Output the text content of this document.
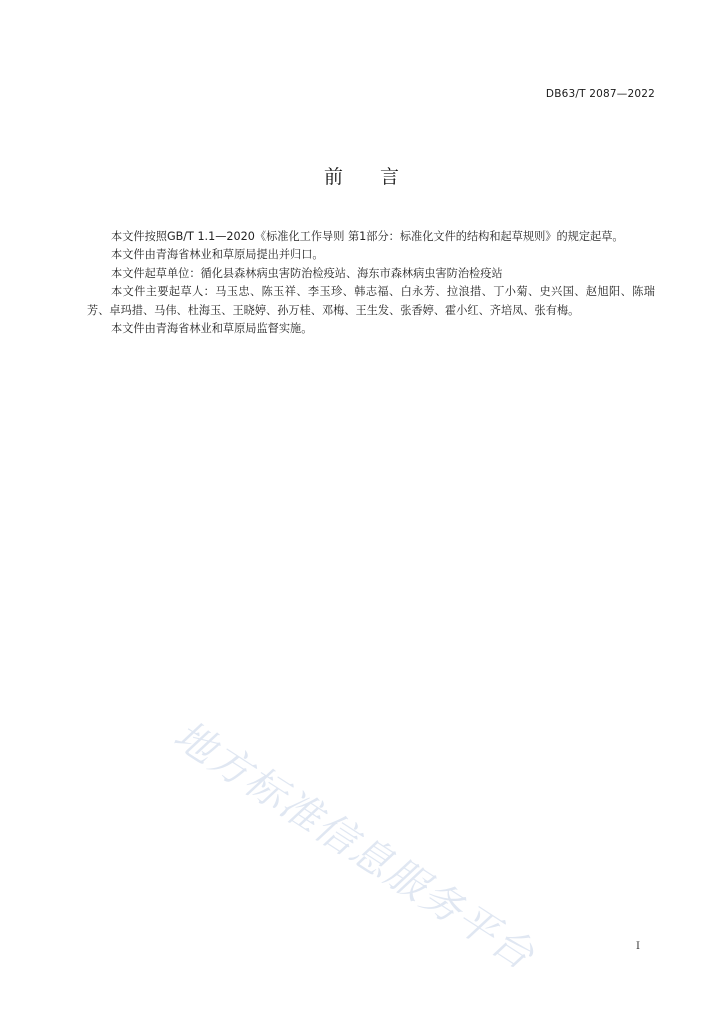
DB63/T 2087—2022
前 言

本文件按照GB/T 1.1—2020《标准化工作导则 第1部分：标准化文件的结构和起草规则》的规定起草。

本文件由青海省林业和草原局提出并归口。

本文件起草单位：循化县森林病虫害防治检疫站、海东市森林病虫害防治检疫站

本文件主要起草人：马玉忠、陈玉祥、李玉珍、韩志福、白永芳、拉浪措、丁小菊、史兴国、赵旭阳、陈瑞芳、卓玛措、马伟、杜海玉、王晓婷、孙万桂、邓梅、王生发、张香婷、霍小红、齐培凤、张有梅。

本文件由青海省林业和草原局监督实施。

地方标准信息服务平台	I
